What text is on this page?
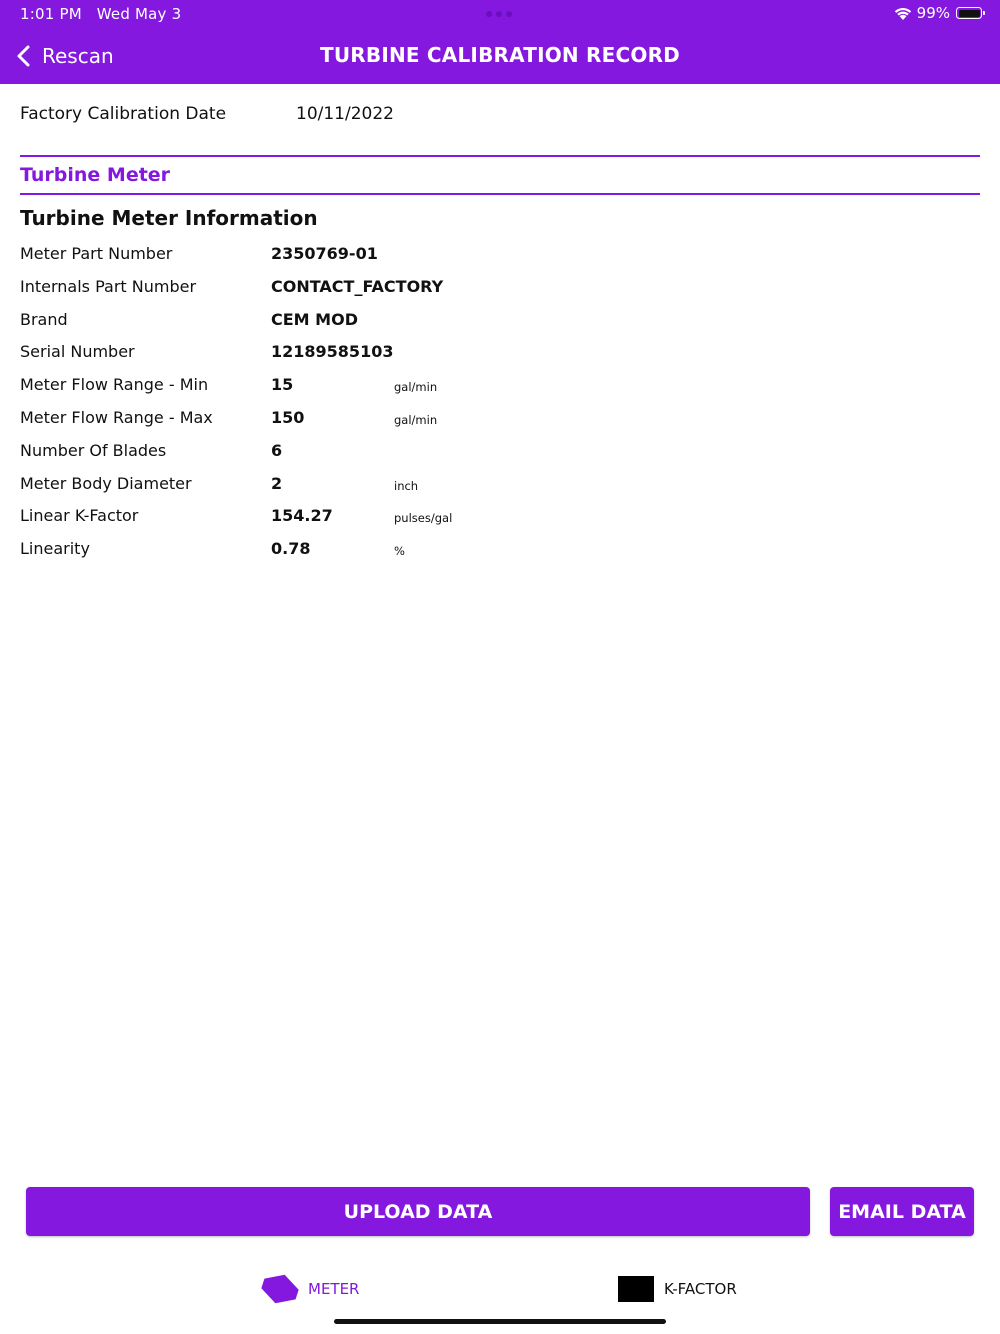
1:01 PM   Wed May 3	99%
Rescan	TURBINE CALIBRATION RECORD
Factory Calibration Date	10/11/2022
Turbine Meter
Turbine Meter Information
Meter Part Number	2350769-01
Internals Part Number	CONTACT_FACTORY
Brand	CEM MOD
Serial Number	12189585103
Meter Flow Range - Min	15	gal/min
Meter Flow Range - Max	150	gal/min
Number Of Blades	6
Meter Body Diameter	2	inch
Linear K-Factor	154.27	pulses/gal
Linearity	0.78	%
UPLOAD DATA	EMAIL DATA
METER	K-FACTOR
